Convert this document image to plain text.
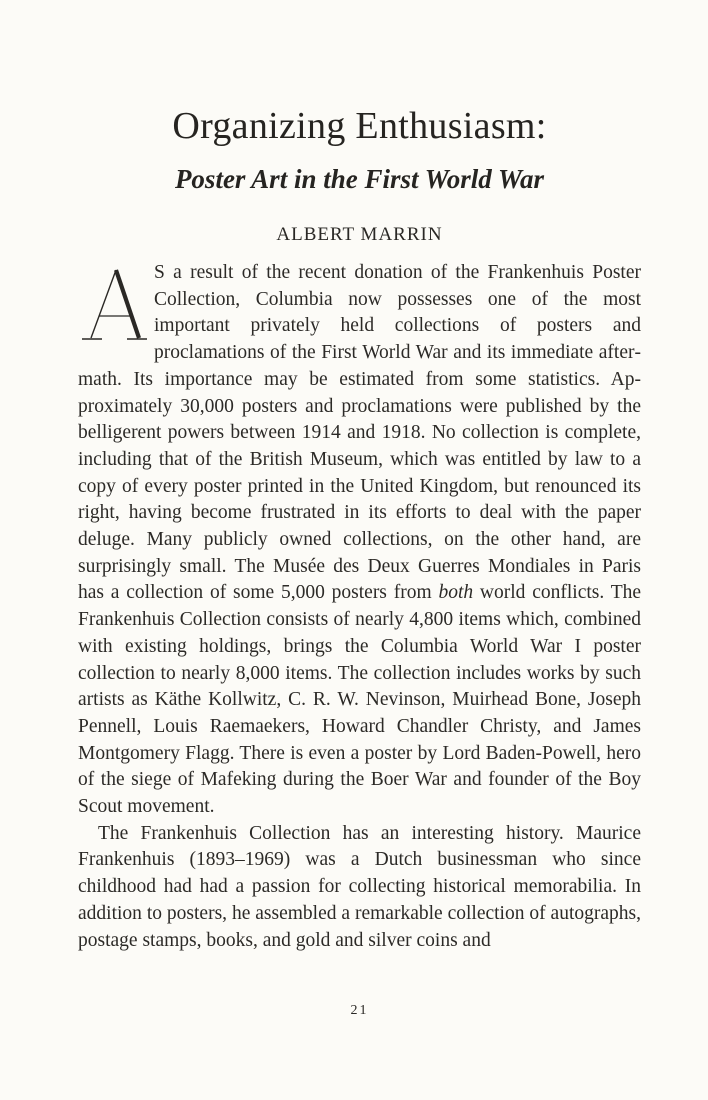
Organizing Enthusiasm:
Poster Art in the First World War
ALBERT MARRIN

A	S a result of the recent donation of the Frankenhuis Poster Collection, Columbia now possesses one of the most important privately held collections of posters and proclamations of the First World War and its immediate aftermath. Its importance may be estimated from some statistics. Approximately 30,000 posters and proclamations were published by the belligerent powers between 1914 and 1918. No collection is complete, including that of the British Museum, which was entitled by law to a copy of every poster printed in the United Kingdom, but renounced its right, having become frustrated in its efforts to deal with the paper deluge. Many publicly owned collections, on the other hand, are surprisingly small. The Musée des Deux Guerres Mondiales in Paris has a collection of some 5,000 posters from both world conflicts. The Frankenhuis Collection consists of nearly 4,800 items which, combined with existing holdings, brings the Columbia World War I poster collection to nearly 8,000 items. The collection includes works by such artists as Käthe Kollwitz, C. R. W. Nevinson, Muirhead Bone, Joseph Pennell, Louis Raemaekers, Howard Chandler Christy, and James Montgomery Flagg. There is even a poster by Lord Baden-Powell, hero of the siege of Mafeking during the Boer War and founder of the Boy Scout movement.

The Frankenhuis Collection has an interesting history. Maurice Frankenhuis (1893–1969) was a Dutch businessman who since childhood had had a passion for collecting historical memorabilia. In addition to posters, he assembled a remarkable collection of autographs, postage stamps, books, and gold and silver coins and

21
